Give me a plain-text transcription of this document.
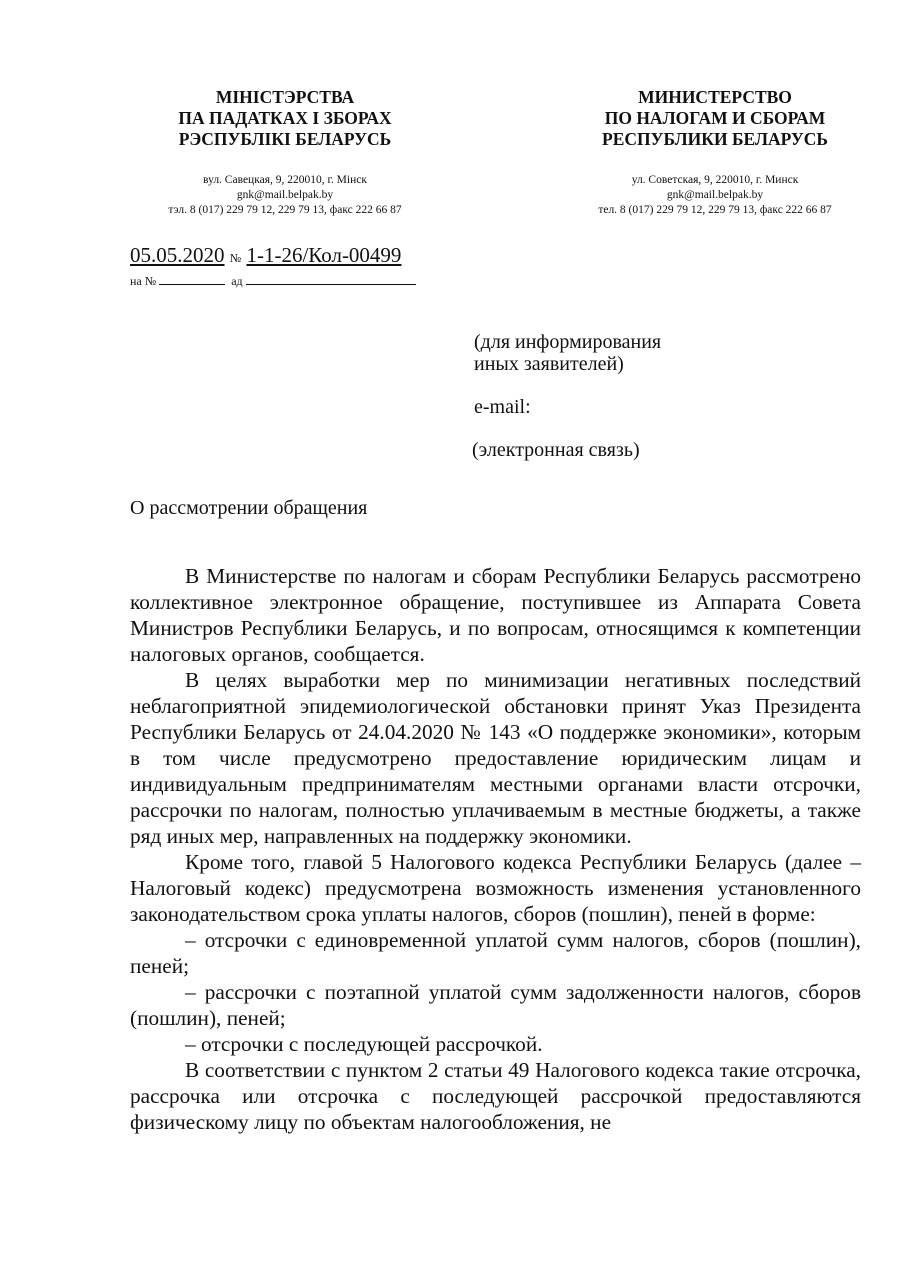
МІНІСТЭРСТВА
ПА ПАДАТКАХ І ЗБОРАХ
РЭСПУБЛІКІ БЕЛАРУСЬ
вул. Савецкая, 9, 220010, г. Мінск
gnk@mail.belpak.by
тэл. 8 (017) 229 79 12, 229 79 13, факс 222 66 87
МИНИСТЕРСТВО
ПО НАЛОГАМ И СБОРАМ
РЕСПУБЛИКИ БЕЛАРУСЬ
ул. Советская, 9, 220010, г. Минск
gnk@mail.belpak.by
тел. 8 (017) 229 79 12, 229 79 13, факс 222 66 87
05.05.2020 № 1-1-26/Кол-00499
на №	ад
(для информирования
иных заявителей)
e-mail:
(электронная связь)
О рассмотрении обращения

В Министерстве по налогам и сборам Республики Беларусь рассмотрено коллективное электронное обращение, поступившее из Аппарата Совета Министров Республики Беларусь, и по вопросам, относящимся к компетенции налоговых органов, сообщается.

В целях выработки мер по минимизации негативных последствий неблагоприятной эпидемиологической обстановки принят Указ Президента Республики Беларусь от 24.04.2020 № 143 «О поддержке экономики», которым в том числе предусмотрено предоставление юридическим лицам и индивидуальным предпринимателям местными органами власти отсрочки, рассрочки по налогам, полностью уплачиваемым в местные бюджеты, а также ряд иных мер, направленных на поддержку экономики.

Кроме того, главой 5 Налогового кодекса Республики Беларусь (далее – Налоговый кодекс) предусмотрена возможность изменения установленного законодательством срока уплаты налогов, сборов (пошлин), пеней в форме:

– отсрочки с единовременной уплатой сумм налогов, сборов (пошлин), пеней;

– рассрочки с поэтапной уплатой сумм задолженности налогов, сборов (пошлин), пеней;

– отсрочки с последующей рассрочкой.

В соответствии с пунктом 2 статьи 49 Налогового кодекса такие отсрочка, рассрочка или отсрочка с последующей рассрочкой предоставляются физическому лицу по объектам налогообложения, не
